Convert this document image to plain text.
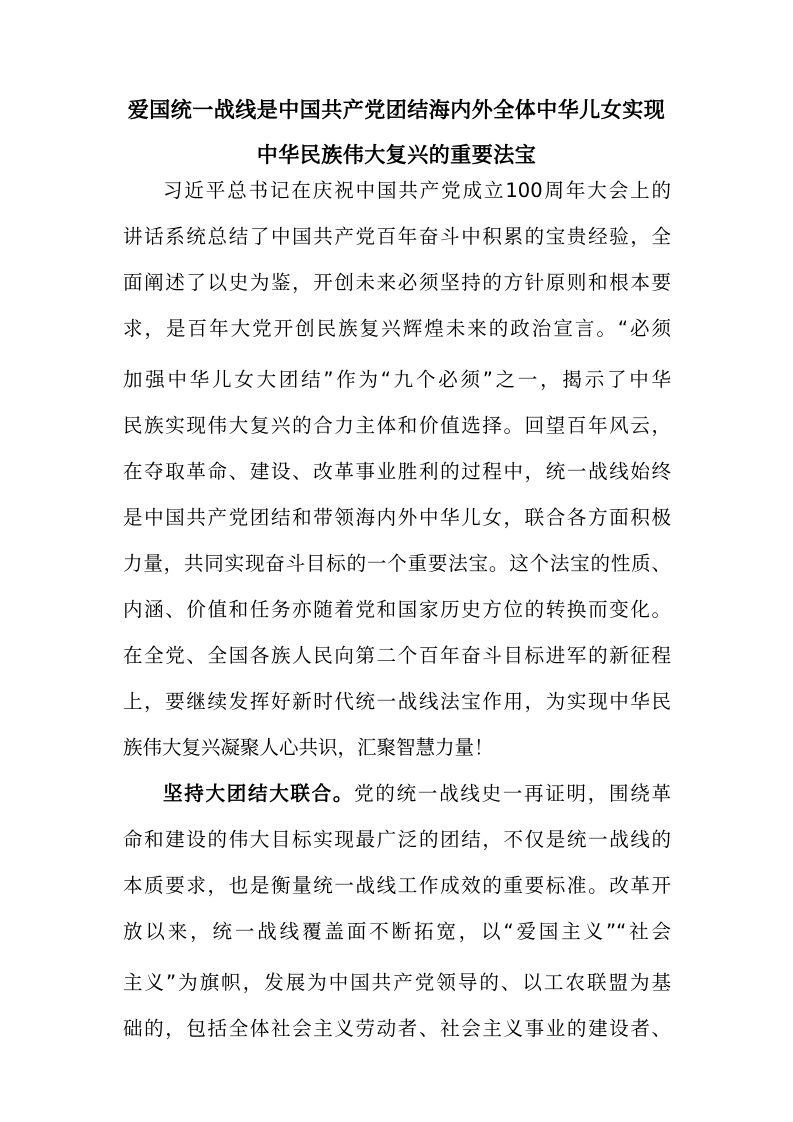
爱国统一战线是中国共产党团结海内外全体中华儿女实现
中华民族伟大复兴的重要法宝
习近平总书记在庆祝中国共产党成立100周年大会上的
讲话系统总结了中国共产党百年奋斗中积累的宝贵经验，全
面阐述了以史为鉴，开创未来必须坚持的方针原则和根本要
求，是百年大党开创民族复兴辉煌未来的政治宣言。“必须
加强中华儿女大团结”作为“九个必须”之一，揭示了中华
民族实现伟大复兴的合力主体和价值选择。回望百年风云，
在夺取革命、建设、改革事业胜利的过程中，统一战线始终
是中国共产党团结和带领海内外中华儿女，联合各方面积极
力量，共同实现奋斗目标的一个重要法宝。这个法宝的性质、
内涵、价值和任务亦随着党和国家历史方位的转换而变化。
在全党、全国各族人民向第二个百年奋斗目标进军的新征程
上，要继续发挥好新时代统一战线法宝作用，为实现中华民
族伟大复兴凝聚人心共识，汇聚智慧力量！
坚持大团结大联合。党的统一战线史一再证明，围绕革
命和建设的伟大目标实现最广泛的团结，不仅是统一战线的
本质要求，也是衡量统一战线工作成效的重要标准。改革开
放以来，统一战线覆盖面不断拓宽，以“爱国主义”“社会
主义”为旗帜，发展为中国共产党领导的、以工农联盟为基
础的，包括全体社会主义劳动者、社会主义事业的建设者、
